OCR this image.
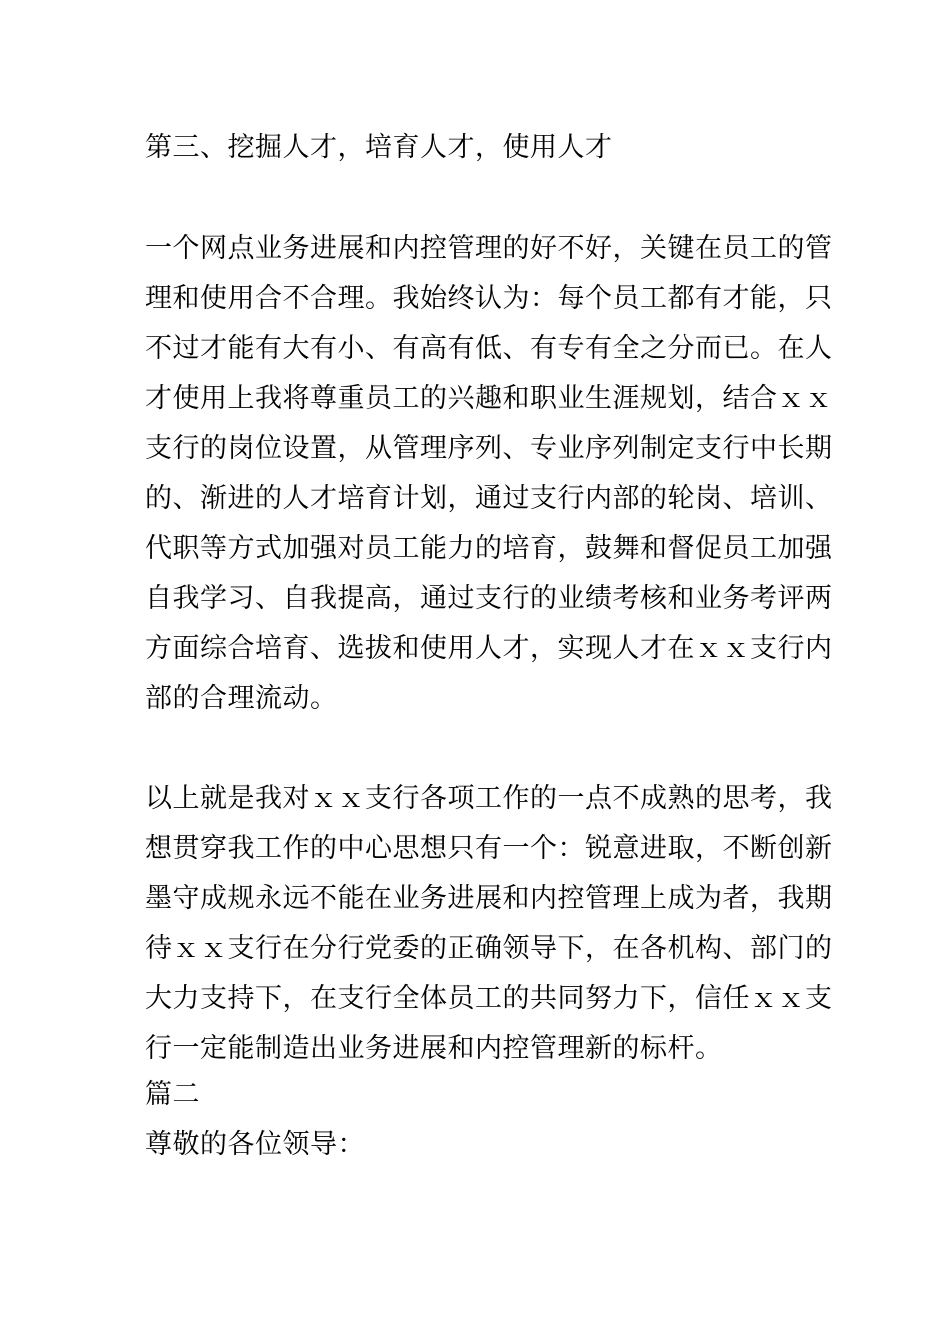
第三、挖掘人才，培育人才，使用人才
一个网点业务进展和内控管理的好不好，关键在员工的管
理和使用合不合理。我始终认为：每个员工都有才能，只
不过才能有大有小、有高有低、有专有全之分而已。在人
才使用上我将尊重员工的兴趣和职业生涯规划，结合ｘｘ
支行的岗位设置，从管理序列、专业序列制定支行中长期
的、渐进的人才培育计划，通过支行内部的轮岗、培训、
代职等方式加强对员工能力的培育，鼓舞和督促员工加强
自我学习、自我提高，通过支行的业绩考核和业务考评两
方面综合培育、选拔和使用人才，实现人才在ｘｘ支行内
部的合理流动。
以上就是我对ｘｘ支行各项工作的一点不成熟的思考，我
想贯穿我工作的中心思想只有一个：锐意进取，不断创新
墨守成规永远不能在业务进展和内控管理上成为者，我期
待ｘｘ支行在分行党委的正确领导下，在各机构、部门的
大力支持下，在支行全体员工的共同努力下，信任ｘｘ支
行一定能制造出业务进展和内控管理新的标杆。
篇二
尊敬的各位领导：
